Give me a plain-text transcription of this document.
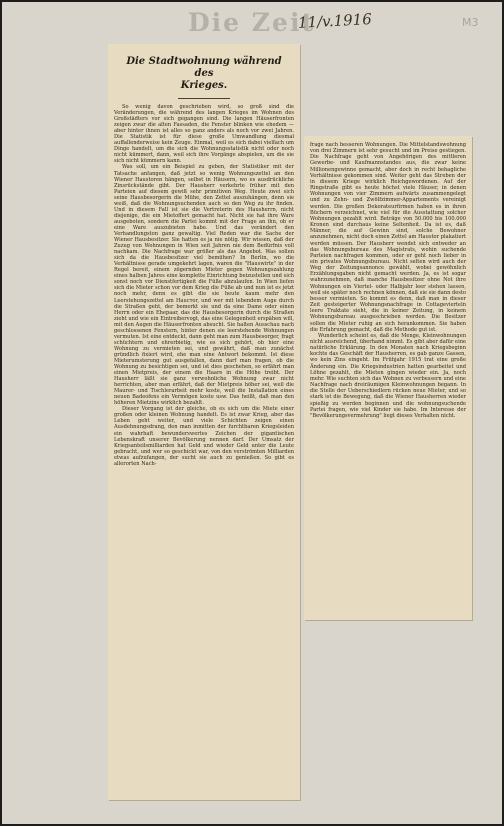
Die Zeit
11/v.1916	M3
Die Stadtwohnung während des
Krieges.

So wenig davon geschrieben wird, so groß sind die Veränderungen, die während des langen Krieges im Wohnen des Großstädters vor sich gegangen sind. Die langen Häuserfronten zeigen zwar die alten Fassaden, die Fenster blinken wie ehedem — aber hinter ihnen ist alles so ganz anders als noch vor zwei Jahren. Die Statistik ist für diese große Umwandlung diesmal auffallenderweise kein Zeuge. Einmal, weil es sich dabei vielfach um Dinge handelt, um die sich die Wohnungsstatistik nicht oder noch nicht kümmert, dann, weil sich ihre Vorgänge abspielen, um die sie sich nicht kümmern kann.

Was soll, um ein Beispiel zu geben, der Statistiker mit der Tatsache anfangen, daß jetzt so wenig Wohnungszettel an den Wiener Haustoren hängen, selbst in Häusern, wo es ausdrückliche Zinsrückstände gibt. Der Hausherr verkehrte früher mit den Parteien auf diesem gewiß sehr primitiven Weg. Heute zwei sich seine Hausbesorgerin die Mühe, den Zettel auszuhängen, denn sie weiß, daß die Wohnungsuchenden auch so den Weg zu ihr finden. Und in diesem Fall ist sie die Vertreterin des Hausherrn, nicht diejenige, die ein Mietoffert gemacht hat. Nicht sie hat ihre Ware ausgeboten, sondern die Partei kommt mit der Frage an ihn, ob er eine Ware auszubieten habe. Und das verändert den Verhandlungston ganz gewaltig. Viel Reden war die Sache der Wiener Hausbesitzer. Sie hatten es ja nie nötig. Wir wissen, daß der Zuzug von Wohnungen in Wien seit Jahren nie dem Bedürfnis voll nachkam. Die Nachfrage war größer als das Angebot. Was sollen sich da die Hausbesitzer viel bemühen? In Berlin, wo die Verhältnisse gerade umgekehrt lagen, waren die "Hauswirte" in der Regel bereit, einem zögernden Mieter gegen Wohnungszahlung eines halben Jahres eine komplette Einrichtung beizustellen und sich sonst noch vor Dienstfertigkeit die Füße abzulaufen. In Wien liefen sich die Mieter schon vor dem Krieg die Füße ab und nun ist es jetzt noch mehr, denn es gibt die sie heute kaum mehr den Leerstehungszettel am Hauстor, und wer mit lebendem Auge durch die Straßen geht, der bemerkt sie und da eine Dame oder einen Herrn oder ein Ehepaar, das die Hausbesorgerin durch die Straßen zieht und wie ein Eintreibervogt, das eine Gelegenheit erspähen will, mit den Augen die Häuserfronten absucht. Sie halten Ausschau nach geschlossenen Fenstern, hinter denen sie leerstehende Wohnungen vermuten. Ist eine entdeckt, dann geht man zum Hausbesorger, fragt schüchtern und ehrerbietig, wie es sich gehört, ob hier eine Wohnung zu vermieten sei, und gewährt, daß man zunächst gründlich fixiert wird, ehe man eine Antwort bekommt. Ist diese Mieterumsterung gut ausgefallen, dann darf man fragen, ob die Wohnung zu besichtigen sei, und ist dies geschehen, so erfährt man einen Mietpreis, der einem die Haare in die Höhe treibt. Der Hausherr läßt sie ganz verwohnliche Wohnung zwar nicht herrichten, aber man erfährt, daß der Mietpreis höher sei, weil die Maurer- und Tischlerarbeit mehr koste, weil die Installation eines neuen Badeofens ein Vermögen koste usw. Das heißt, daß man den höheren Mietzins wirklich bezahlt.

Dieser Vorgang ist der gleiche, ob es sich um die Miete einer großen oder kleinen Wohnung handelt. Es ist zwar Krieg, aber das Leben geht weiter, und viele Schichten zeigen einen Ausdehnungsdrang, den man inmitten der furchtbaren Kriegsleiden ein wahrhaft bewunderswertes Zeichen der gigantischen Lebenskraft unserer Bevölkerung nennen darf. Der Umsatz der Kriegsanteilsmilliarden hat Geld und wieder Geld unter die Leute gebracht, und wer so geschickt war, von den verströmten Milliarden etwas aufzufangen, der sucht sie auch zu genießen. So gibt es allerorten Nach-

frage nach besseren Wohnungen. Die Mittelstandswohnung von drei Zimmern ist sehr gesucht und im Preise gestiegen. Die Nachfrage geht von Angehörigen des mittleren Gewerbe- und Kaufmannstandes aus, die zwar keine Millionengewinne gemacht, aber doch in recht behagliche Verhältnisse gekommen sind. Weiter geht das Streben der in diesem Kriege wirklich Reichgewordenen. Auf der Ringstraße gibt es heute höchst viele Häuser, in denen Wohnungen von vier Zimmern aufwärts zusammengelegt und zu Zehn- und Zwölfzimmer-Appartements vereinigt werden. Die großen Dekorateurfirmen haben es in ihren Büchern verzeichnet, wie viel für die Ausstattung solcher Wohnungen gezahlt wird. Beträge von 50.000 bis 100.000 Kronen sind durchaus keine Seltenheit. Da ist es, daß Männer, die auf Gewinn sind, solche Bewohner anzunehmen, nicht doch einen Zettel am Haustor plakatiert werden müssen. Der Hausherr wendet sich entweder an das Wohnungsbureau des Magistrats, wohin suchende Parteien nachfragen kommen, oder er geht noch lieber in ein privates Wohnungsbureau. Nicht selten wird auch der Weg der Zeitungsannonce gewählt, wobei gewöhnlich Erzählungsgaben nicht gemacht werden. Ja, es ist sogar wahrzunehmen, daß manche Hausbesitzer ohne Not ihre Wohnungen ein Viertel- oder Halbjahr leer stehen lassen, weil sie später noch rechnen können, daß sie sie dann desto besser vermieten. So kommt es denn, daß man in dieser Zeit gesteigerter Wohnungsnachfrage in Cottagevierteln leere Traktate sieht, die in keiner Zeitung, in keinem Wohnungsbureau ausgeschrieben werden. Die Besitzer sollen die Mieter ruhig an sich herankommen. Sie haben die Erfahrung gemacht, daß die Methode gut ist.

Wunderlich scheint es, daß die Menge, Kleinwohnungen nicht ausreichend, überhand nimmt. Es gibt aber dafür eine natürliche Erklärung. In den Monaten nach Kriegsbeginn kochte das Geschäft der Hausherren, es gab ganze Gassen, wo kein Zins eingeht. Im Frühjahr 1915 trat eine große Änderung ein. Die Kriegsindustrien hatten gearbeitet und Löhne gezahlt, die Mieten gingen wieder ein. Ja, noch mehr. Wie suchten sich das Wohnen zu verbessern und eine Nachfrage nach dreiräumigen Kleinwohnungen begann. In die Stelle der Ueberschiedlern rücken neue Mieter, und so stark ist die Bewegung, daß die Wiener Hausherren wieder spießig zu werden beginnen und die wohnungsuchende Partei fragen, wie viel Kinder sie habe. Im Interesse der "Bevölkerungsvermehrung" liegt dieses Verhalten nicht.
